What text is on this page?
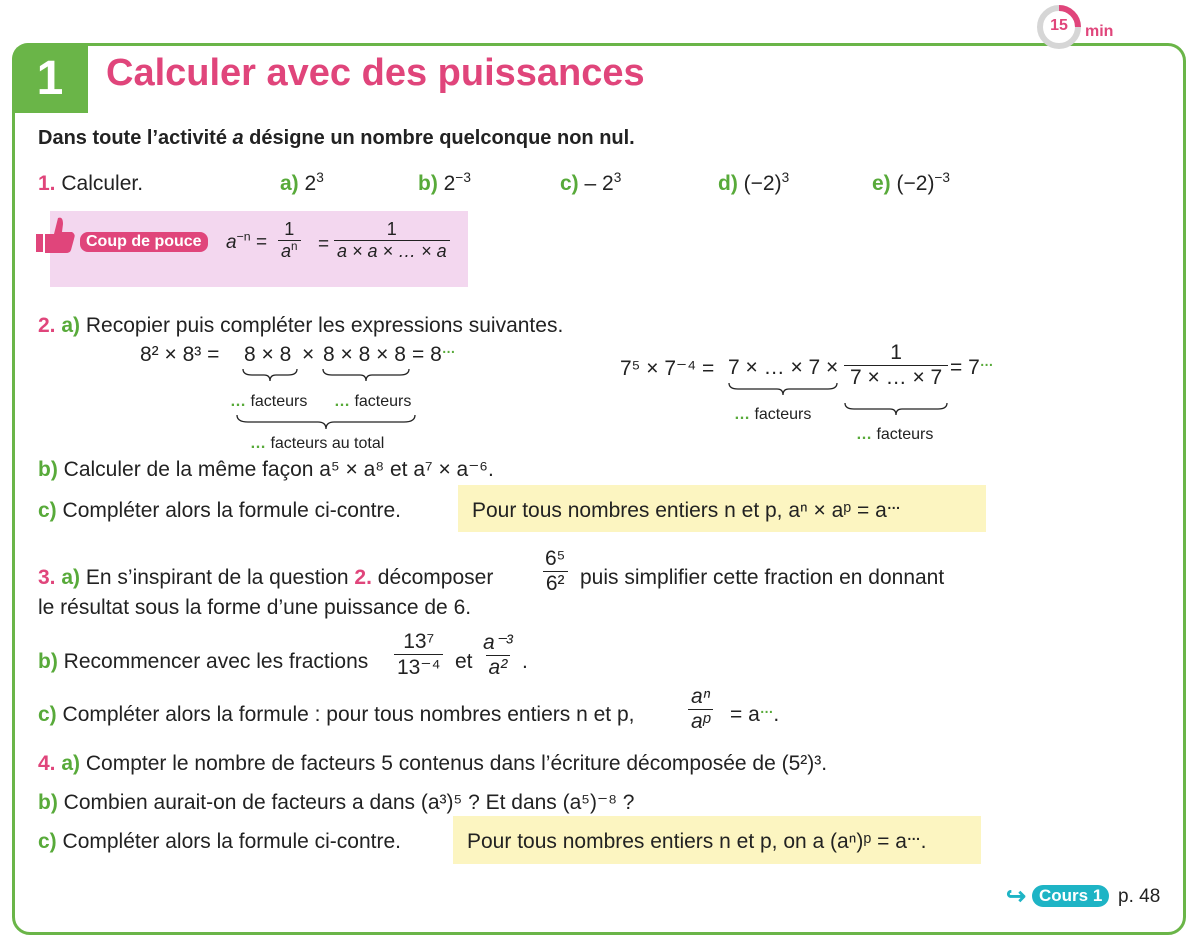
1	Calculer avec des puissances
15	min
Dans toute l’activité a désigne un nombre quelconque non nul.
1. Calculer.	a) $2^3$	b) $2^{-3}$	$c) - 2^3$	d) $(-2)^3$	e) $(-2)^{-3}$
Coup de pouce	$a^{-n} = \frac{1}{a^n} = \frac{1}{a \times a \times \dots \times a}$
2. a) Recopier puis compléter les expressions suivantes.
8² × 8³ = 8 × 8 × 8 × 8 × 8 = 8…
… facteurs … facteurs
… facteurs au total
7⁵ × 7⁻⁴ = 7 × … × $7 \times \frac{1}{7 \times \dots \times 7} = 7^\dots$
… facteurs
… facteurs
b) Calculer de la même façon a⁵ × a⁸ et a⁷ × a⁻⁶.
c) Compléter alors la formule ci-contre.	Pour tous nombres entiers n et p, aⁿ × aᵖ = a…
3. a) En s’inspirant de la question 2. décomposer $\frac{\text{6⁵}}{\text{6²}}$ puis simplifier cette fraction en donnant
le résultat sous la forme d’une puissance de 6.
b) Recommencer avec les fractions $\frac{\text{13⁷}}{\text{13⁻⁴}}$ et $\frac{\text{a⁻³}}{\text{a²}}$ .
c) Compléter alors la formule : pour tous nombres entiers n et p,	$\frac{\text{aⁿ}}{\text{aᵖ}} = a^\dots$.
4. a) Compter le nombre de facteurs 5 contenus dans l’écriture décomposée de (5²)³.
b) Combien aurait-on de facteurs a dans (a³)⁵ ? Et dans (a⁵)⁻⁸ ?
c) Compléter alors la formule ci-contre.	Pour tous nombres entiers n et p, on a (aⁿ)ᵖ = a….
↪ Cours 1 p. 48
